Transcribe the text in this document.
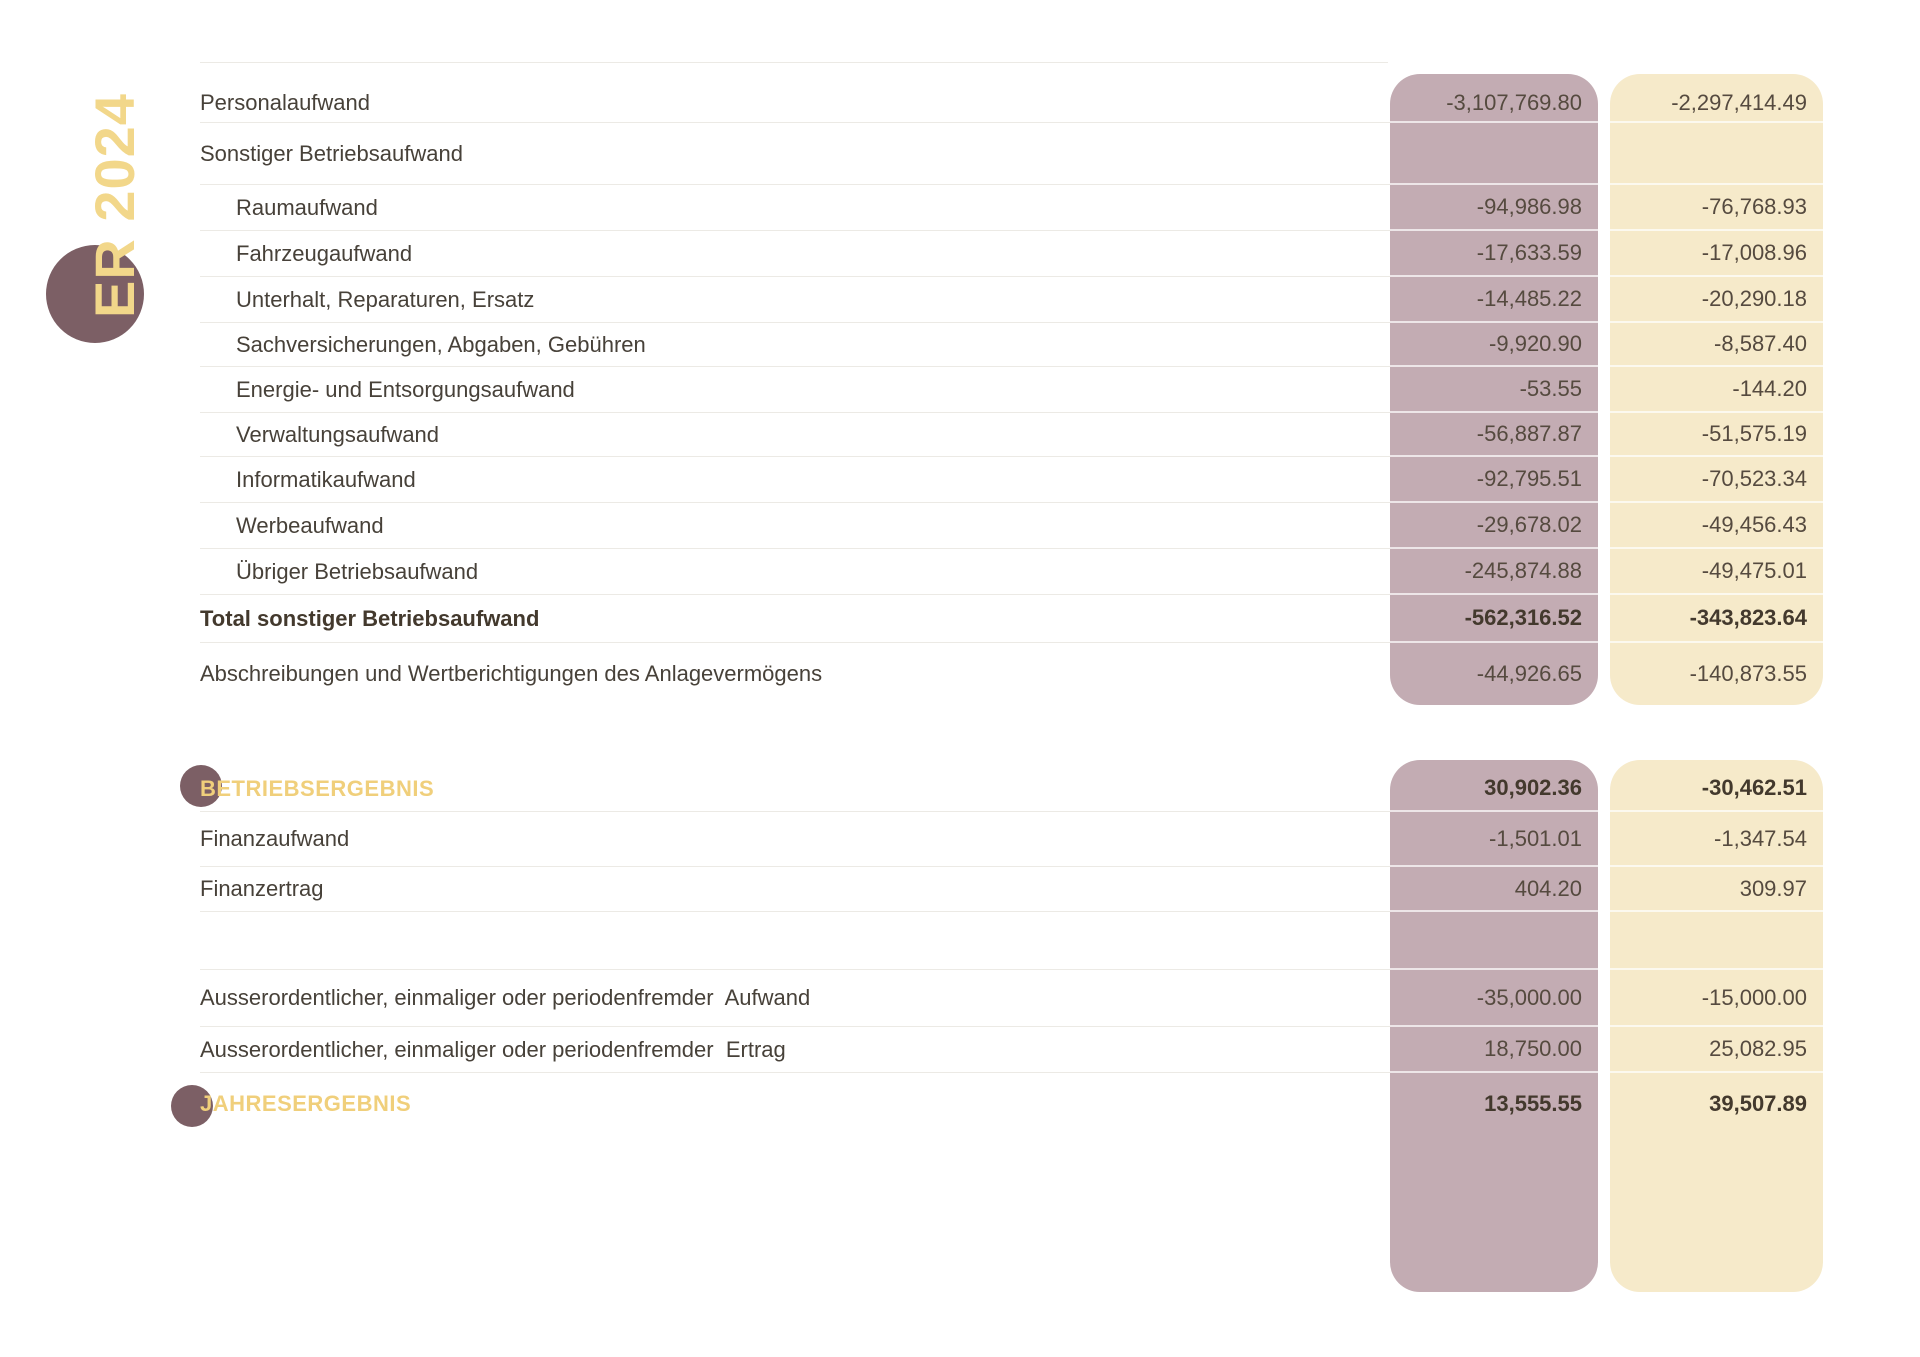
ER 2024 Personalaufwand	-3,107,769.80	-2,297,414.49
Sonstiger Betriebsaufwand
Raumaufwand	-94,986.98	-76,768.93
Fahrzeugaufwand	-17,633.59	-17,008.96
Unterhalt, Reparaturen, Ersatz	-14,485.22	-20,290.18
Sachversicherungen, Abgaben, Gebühren	-9,920.90	-8,587.40
Energie- und Entsorgungsaufwand	-53.55	-144.20
Verwaltungsaufwand	-56,887.87	-51,575.19
Informatikaufwand	-92,795.51	-70,523.34
Werbeaufwand	-29,678.02	-49,456.43
Übriger Betriebsaufwand	-245,874.88	-49,475.01
Total sonstiger Betriebsaufwand	-562,316.52	-343,823.64
Abschreibungen und Wertberichtigungen des Anlagevermögens	-44,926.65	-140,873.55
BETRIEBSERGEBNIS	30,902.36	-30,462.51
Finanzaufwand	-1,501.01	-1,347.54
Finanzertrag	404.20	309.97
Ausserordentlicher, einmaliger oder periodenfremder  Aufwand	-35,000.00	-15,000.00
Ausserordentlicher, einmaliger oder periodenfremder  Ertrag	18,750.00	25,082.95
JAHRESERGEBNIS	13,555.55	39,507.89
